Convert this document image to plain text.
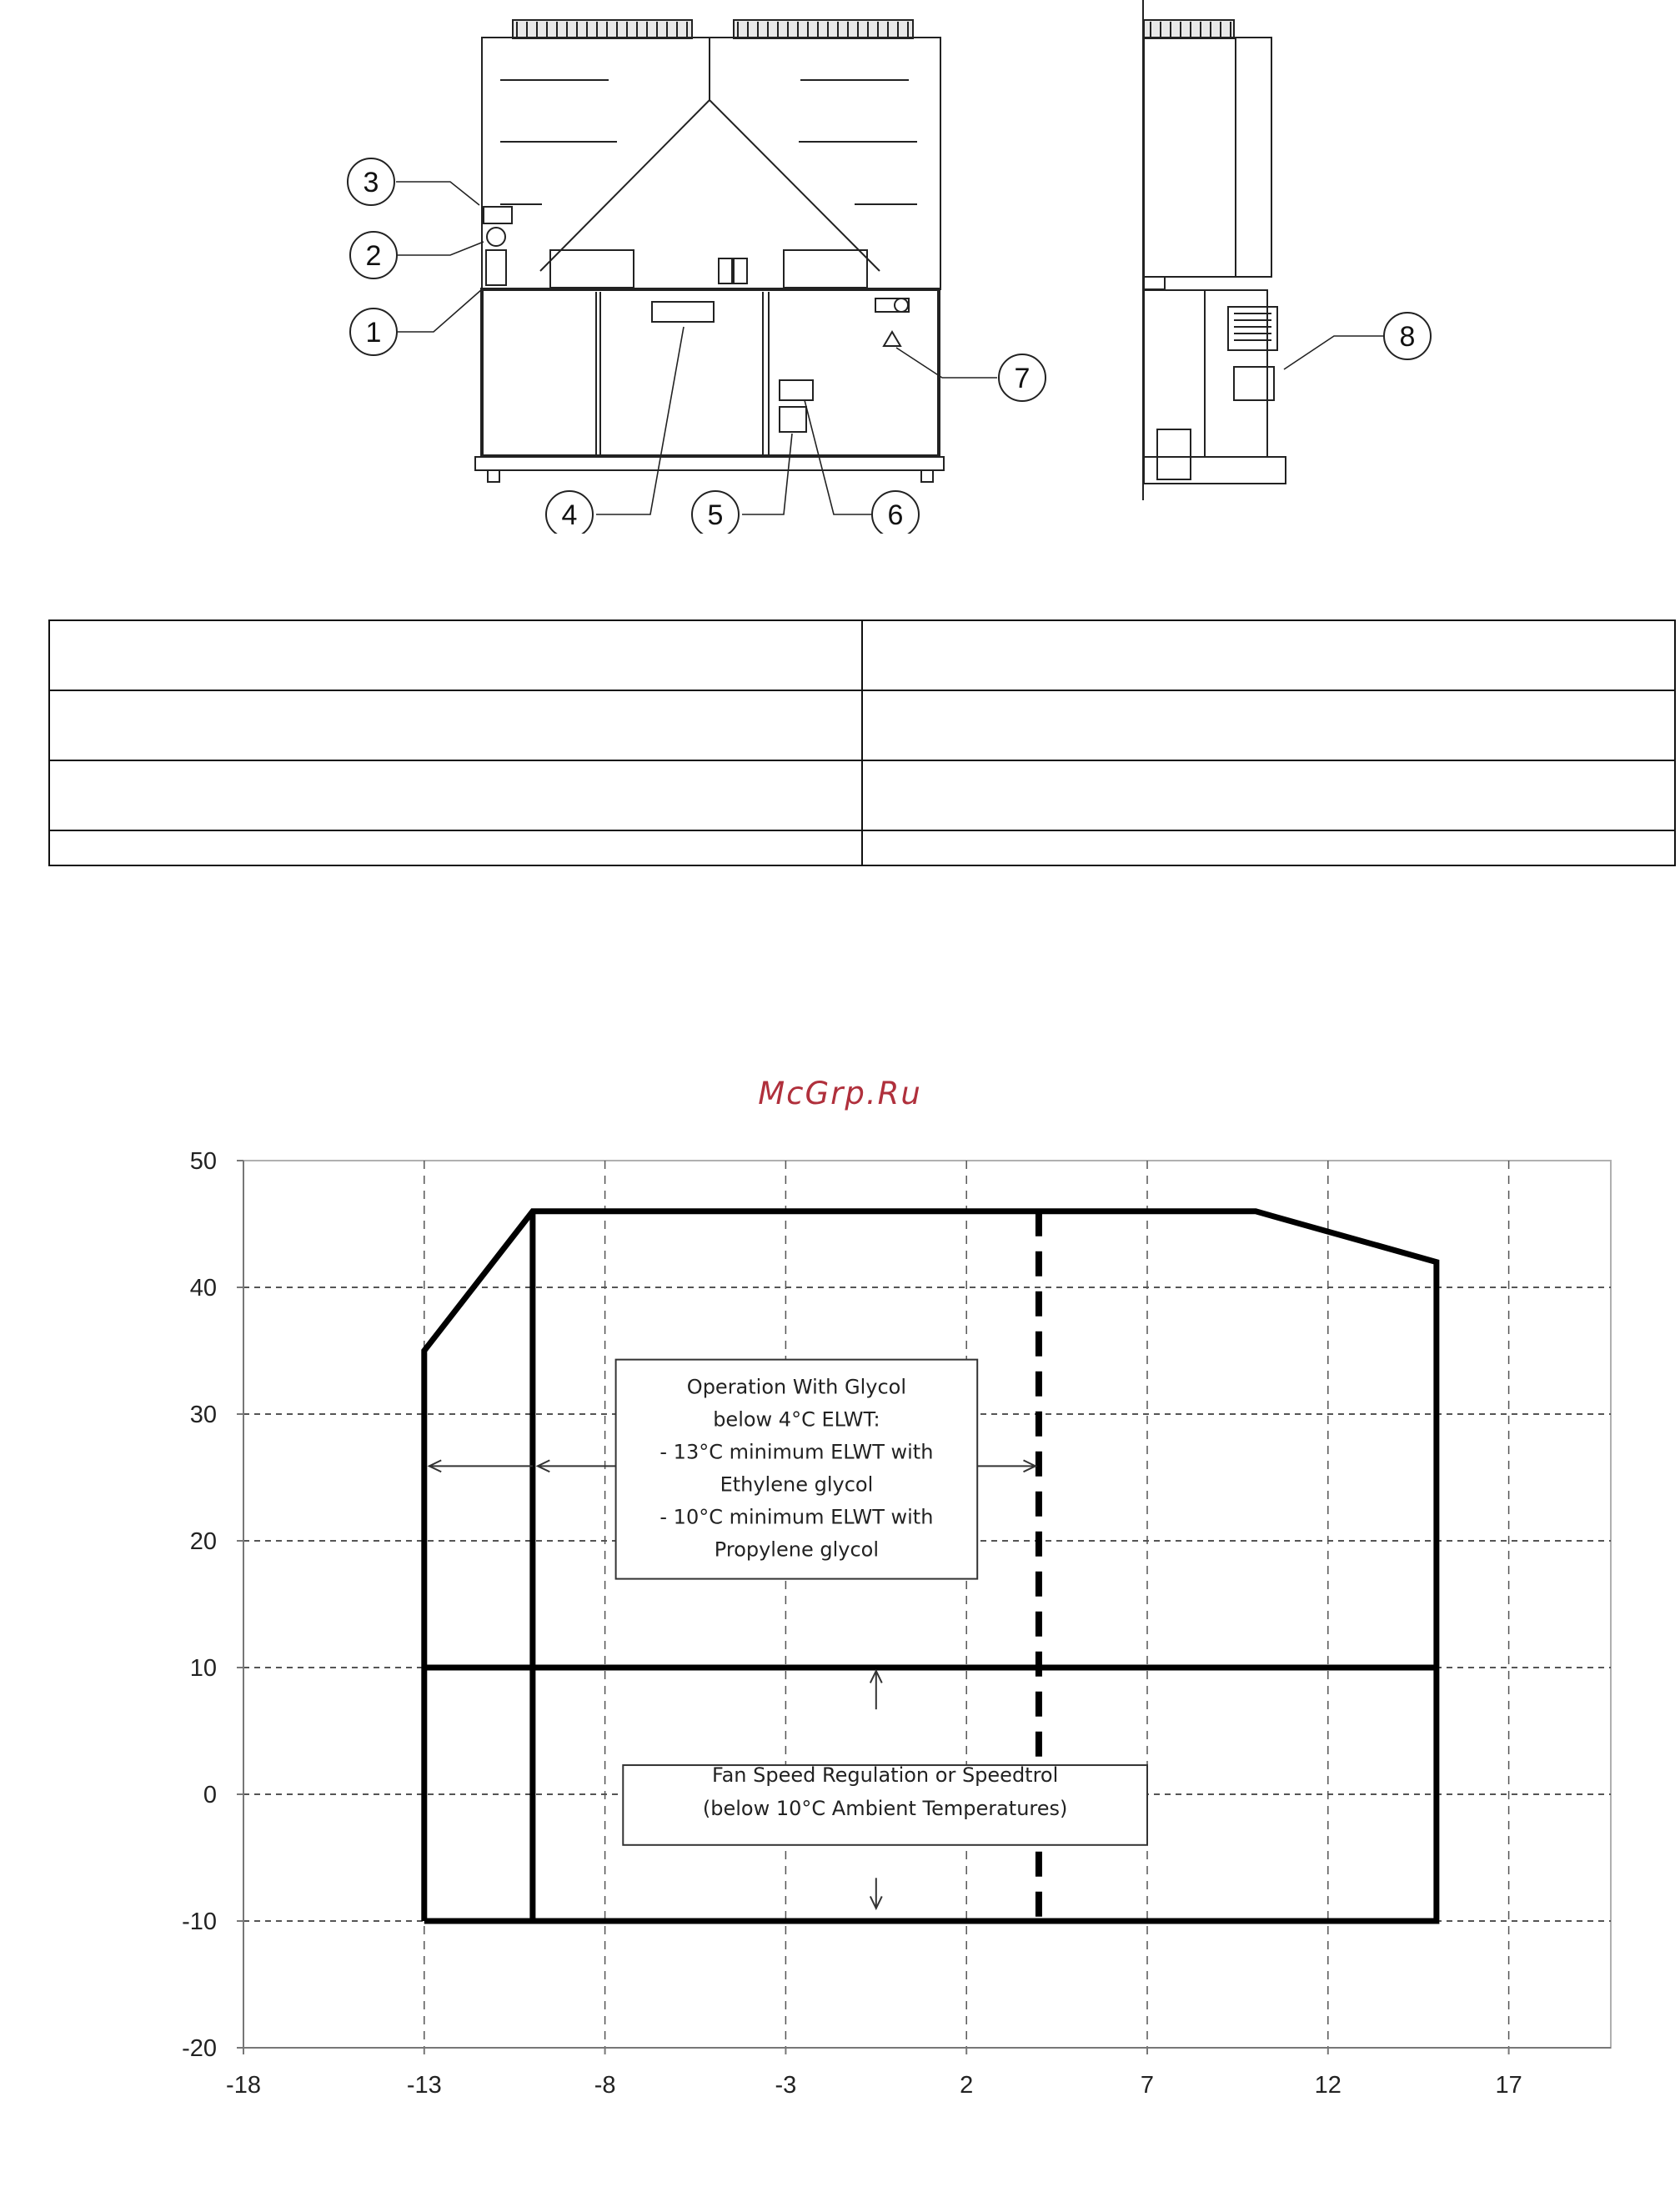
3
2
1
4	5	6
7
8

McGrp.Ru
-20
-10
0
10
20
30
40
50
-18	-13	-8	-3	2	7	12	17
Operation With Glycol
below 4°C ELWT:
- 13°C minimum ELWT with
Ethylene glycol
- 10°C minimum ELWT with
Propylene glycol
Fan Speed Regulation or Speedtrol
(below 10°C Ambient Temperatures)
